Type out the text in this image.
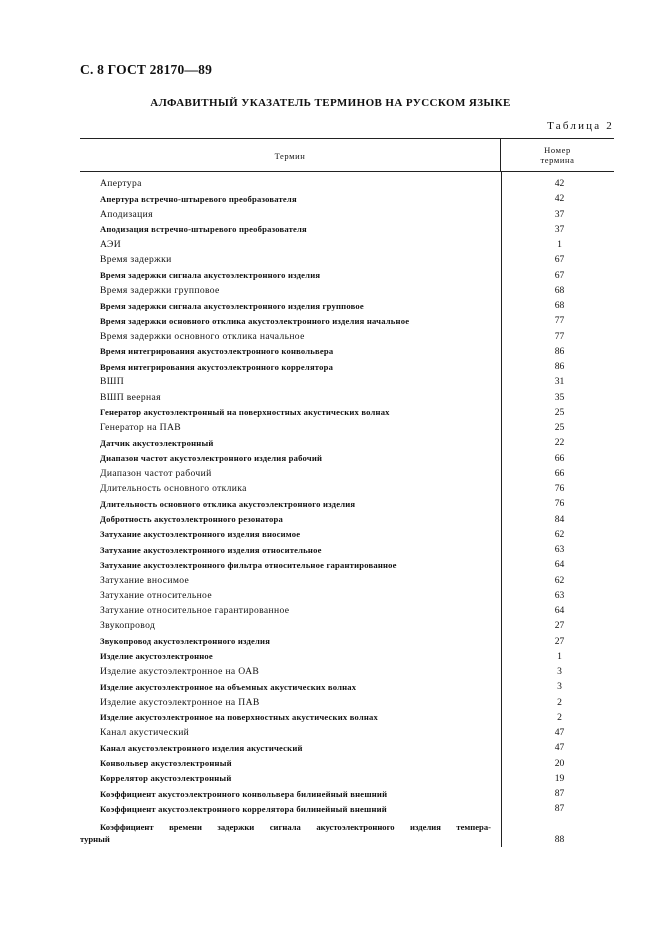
С. 8 ГОСТ 28170—89
АЛФАВИТНЫЙ УКАЗАТЕЛЬ ТЕРМИНОВ НА РУССКОМ ЯЗЫКЕ
Таблица 2
Термин
Номер
термина
Апертура	42
Апертура встречно-штыревого преобразователя	42
Аподизация	37
Аподизация встречно-штыревого преобразователя	37
АЭИ	1
Время задержки	67
Время задержки сигнала акустоэлектронного изделия	67
Время задержки групповое	68
Время задержки сигнала акустоэлектронного изделия групповое	68
Время задержки основного отклика акустоэлектронного изделия начальное	77
Время задержки основного отклика начальное	77
Время интегрирования акустоэлектронного конвольвера	86
Время интегрирования акустоэлектронного коррелятора	86
ВШП	31
ВШП веерная	35
Генератор акустоэлектронный на поверхностных акустических волнах	25
Генератор на ПАВ	25
Датчик акустоэлектронный	22
Диапазон частот акустоэлектронного изделия рабочий	66
Диапазон частот рабочий	66
Длительность основного отклика	76
Длительность основного отклика акустоэлектронного изделия	76
Добротность акустоэлектронного резонатора	84
Затухание акустоэлектронного изделия вносимое	62
Затухание акустоэлектронного изделия относительное	63
Затухание акустоэлектронного фильтра относительное гарантированное	64
Затухание вносимое	62
Затухание относительное	63
Затухание относительное гарантированное	64
Звукопровод	27
Звукопровод акустоэлектронного изделия	27
Изделие акустоэлектронное	1
Изделие акустоэлектронное на ОАВ	3
Изделие акустоэлектронное на объемных акустических волнах	3
Изделие акустоэлектронное на ПАВ	2
Изделие акустоэлектронное на поверхностных акустических волнах	2
Канал акустический	47
Канал акустоэлектронного изделия акустический	47
Конвольвер акустоэлектронный	20
Коррелятор акустоэлектронный	19
Коэффициент акустоэлектронного конвольвера билинейный внешний	87
Коэффициент акустоэлектронного коррелятора билинейный внешний	87
Коэффициент времени задержки сигнала акустоэлектронного изделия темпера-
турный	88
